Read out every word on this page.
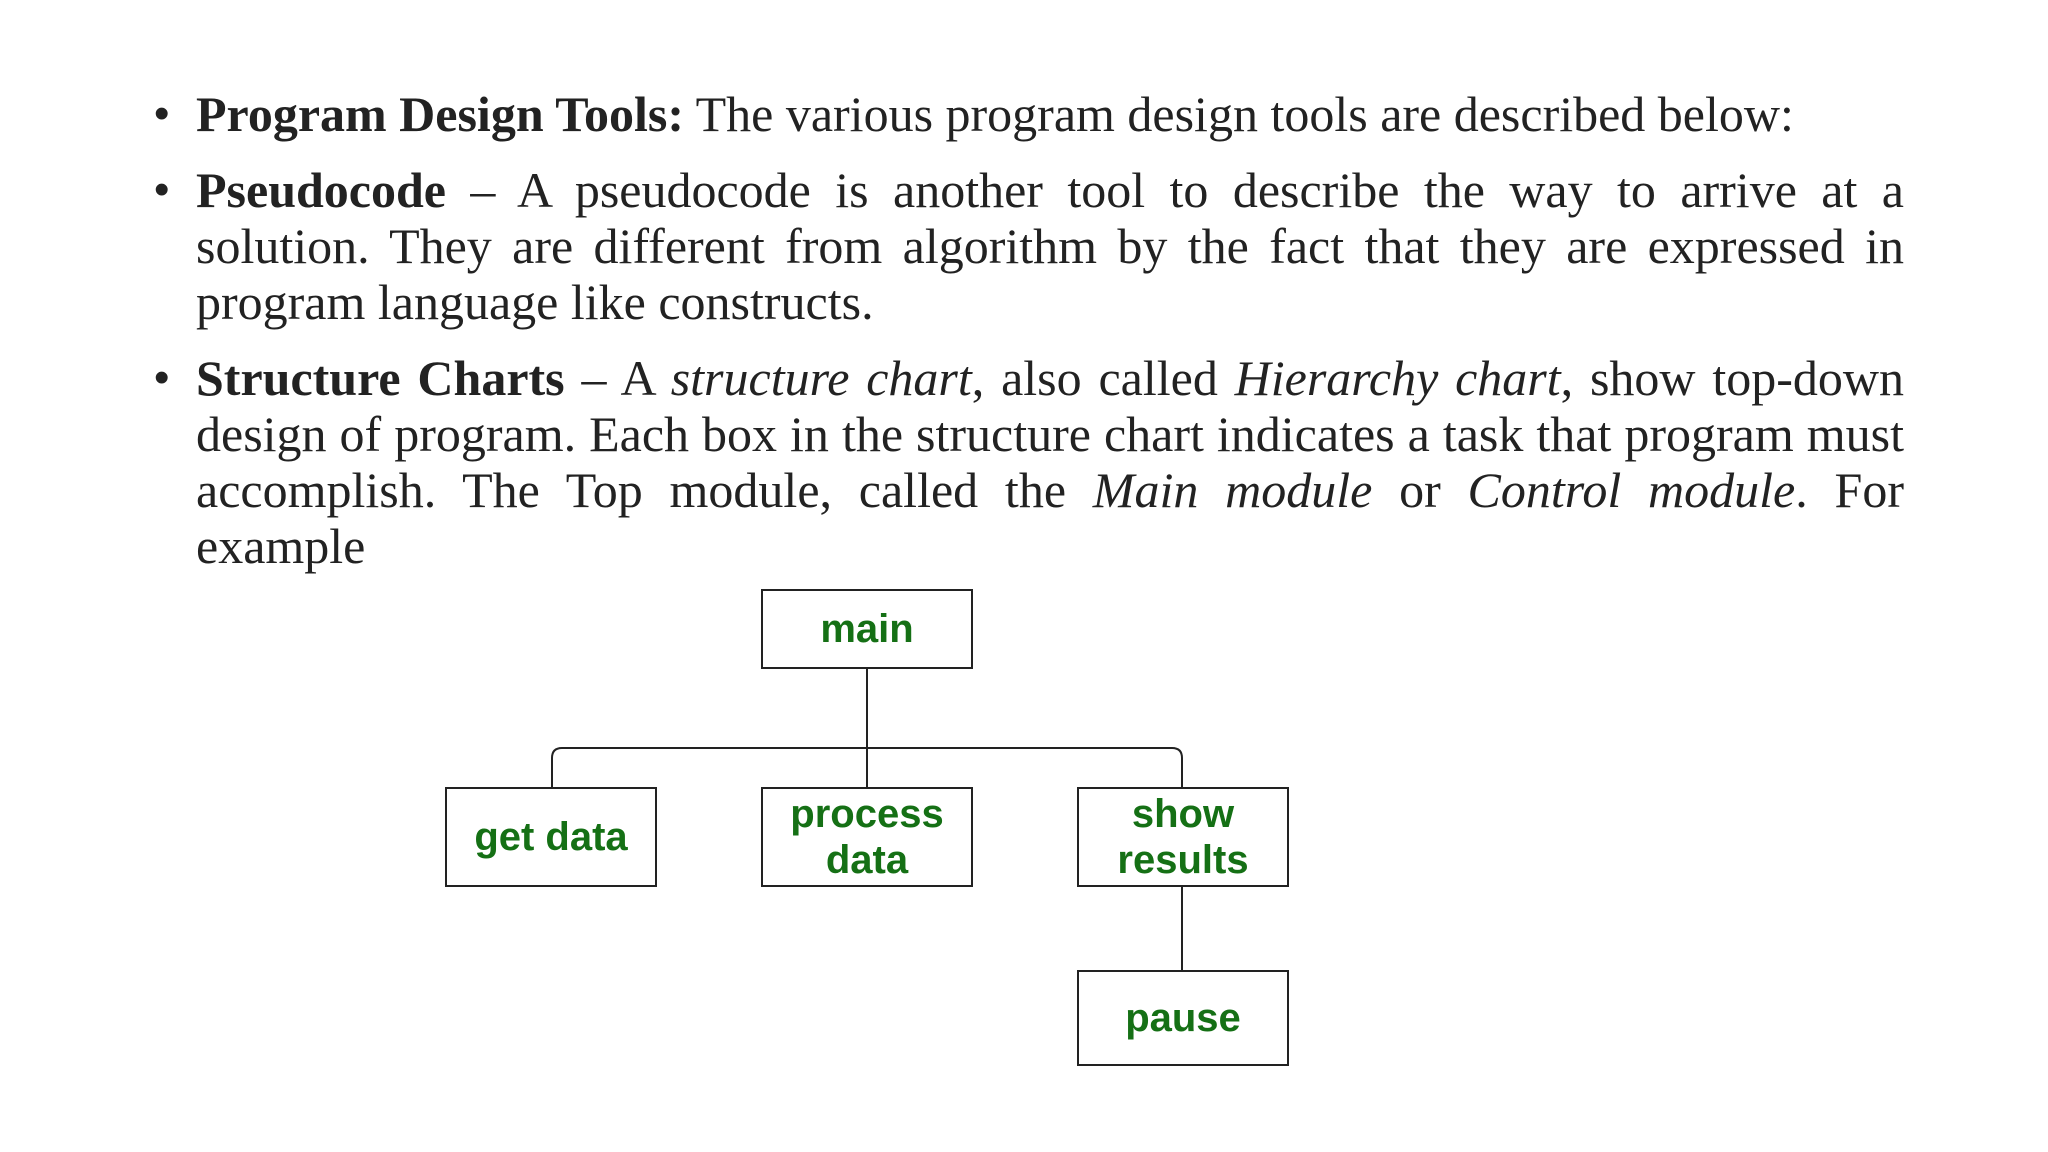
• Program Design Tools: The various program design tools are described below:
• Pseudocode – A pseudocode is another tool to describe the way to arrive at a solution. They are different from algorithm by the fact that they are expressed in program language like constructs.
• Structure Charts – A structure chart, also called Hierarchy chart, show top-down design of program. Each box in the structure chart indicates a task that program must accomplish. The Top module, called the Main module or Control module. For example
main
get data
process
data
show
results
pause
